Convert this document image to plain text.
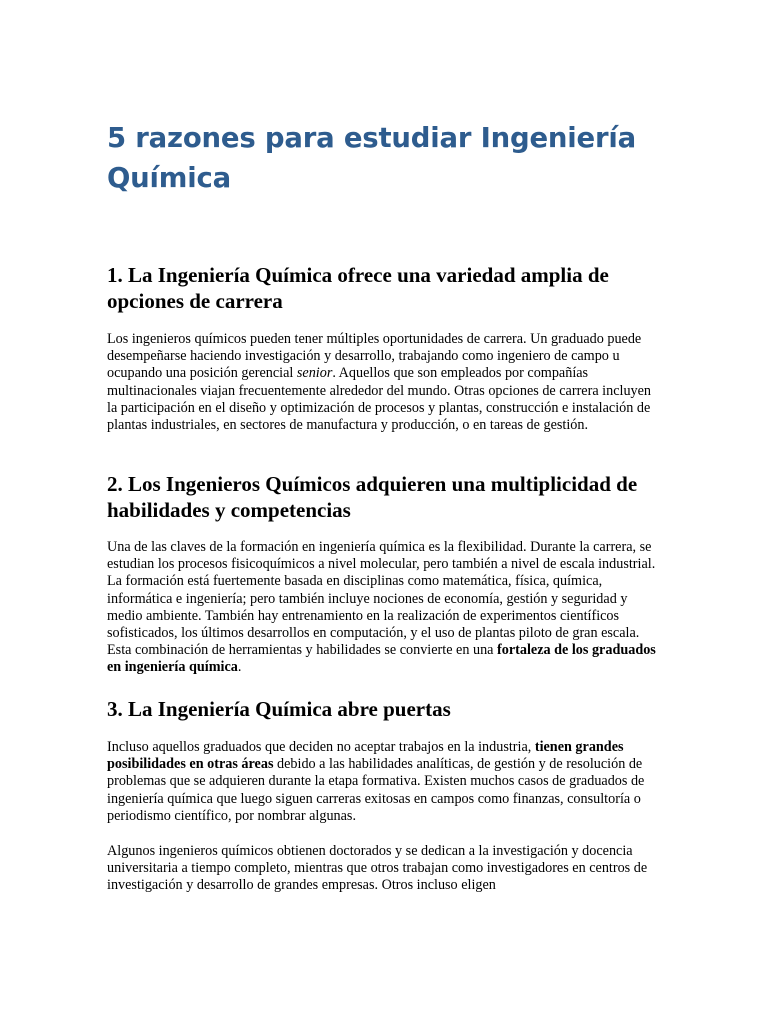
5 razones para estudiar Ingeniería Química
1. La Ingeniería Química ofrece una variedad amplia de opciones de carrera

Los ingenieros químicos pueden tener múltiples oportunidades de carrera. Un graduado puede desempeñarse haciendo investigación y desarrollo, trabajando como ingeniero de campo u ocupando una posición gerencial senior. Aquellos que son empleados por compañías multinacionales viajan frecuentemente alrededor del mundo. Otras opciones de carrera incluyen la participación en el diseño y optimización de procesos y plantas, construcción e instalación de plantas industriales, en sectores de manufactura y producción, o en tareas de gestión.

2. Los Ingenieros Químicos adquieren una multiplicidad de habilidades y competencias

Una de las claves de la formación en ingeniería química es la flexibilidad. Durante la carrera, se estudian los procesos fisicoquímicos a nivel molecular, pero también a nivel de escala industrial. La formación está fuertemente basada en disciplinas como matemática, física, química, informática e ingeniería; pero también incluye nociones de economía, gestión y seguridad y medio ambiente. También hay entrenamiento en la realización de experimentos científicos sofisticados, los últimos desarrollos en computación, y el uso de plantas piloto de gran escala. Esta combinación de herramientas y habilidades se convierte en una fortaleza de los graduados en ingeniería química.

3. La Ingeniería Química abre puertas

Incluso aquellos graduados que deciden no aceptar trabajos en la industria, tienen grandes posibilidades en otras áreas debido a las habilidades analíticas, de gestión y de resolución de problemas que se adquieren durante la etapa formativa. Existen muchos casos de graduados de ingeniería química que luego siguen carreras exitosas en campos como finanzas, consultoría o periodismo científico, por nombrar algunas.

Algunos ingenieros químicos obtienen doctorados y se dedican a la investigación y docencia universitaria a tiempo completo, mientras que otros trabajan como investigadores en centros de investigación y desarrollo de grandes empresas. Otros incluso eligen
